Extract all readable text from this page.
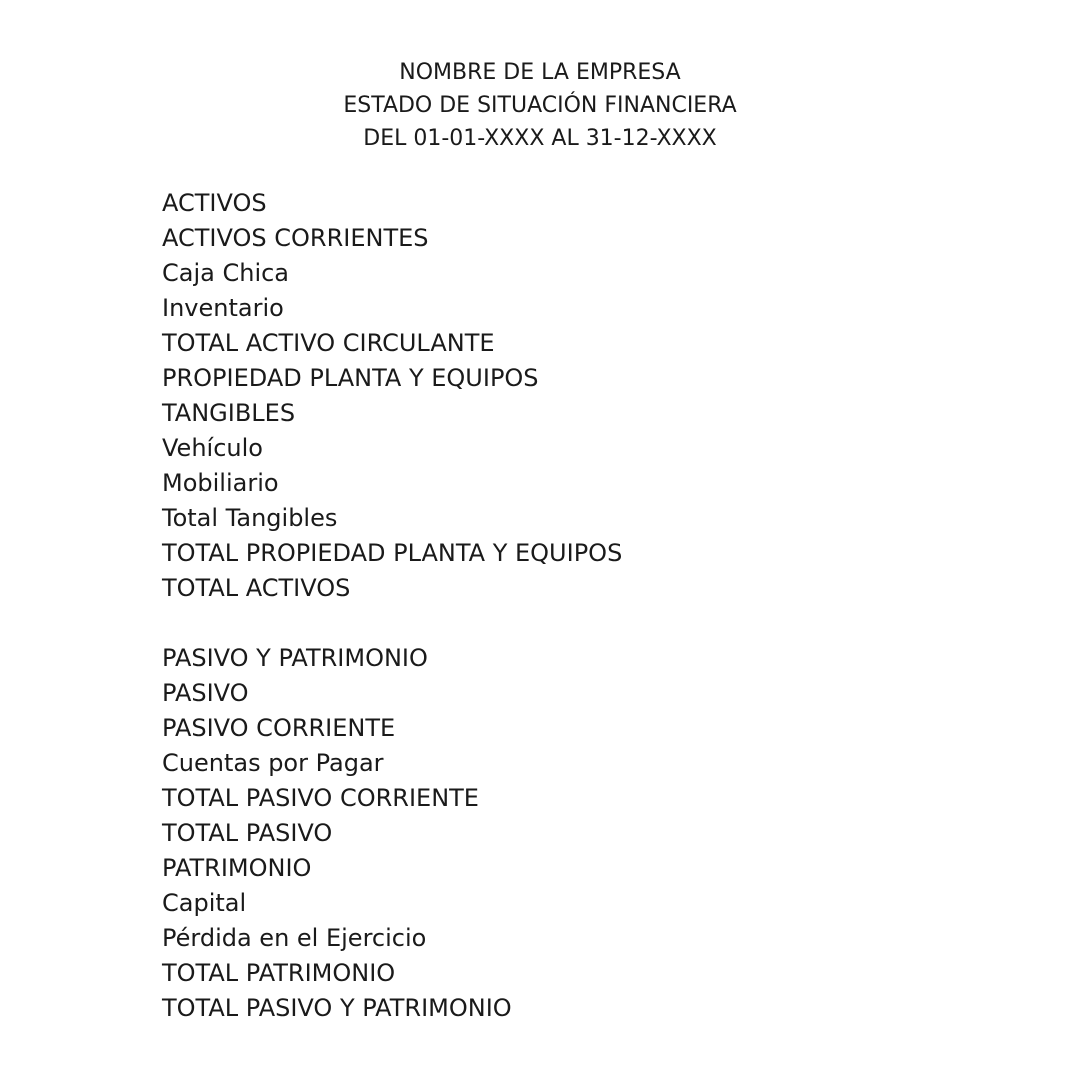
NOMBRE DE LA EMPRESA
ESTADO DE SITUACIÓN FINANCIERA
DEL 01-01-XXXX AL 31-12-XXXX
ACTIVOS
ACTIVOS CORRIENTES
Caja Chica
Inventario
TOTAL ACTIVO CIRCULANTE
PROPIEDAD PLANTA Y EQUIPOS
TANGIBLES
Vehículo
Mobiliario
Total Tangibles
TOTAL PROPIEDAD PLANTA Y EQUIPOS
TOTAL ACTIVOS
PASIVO Y PATRIMONIO
PASIVO
PASIVO CORRIENTE
Cuentas por Pagar
TOTAL PASIVO CORRIENTE
TOTAL PASIVO
PATRIMONIO
Capital
Pérdida en el Ejercicio
TOTAL PATRIMONIO
TOTAL PASIVO Y PATRIMONIO
